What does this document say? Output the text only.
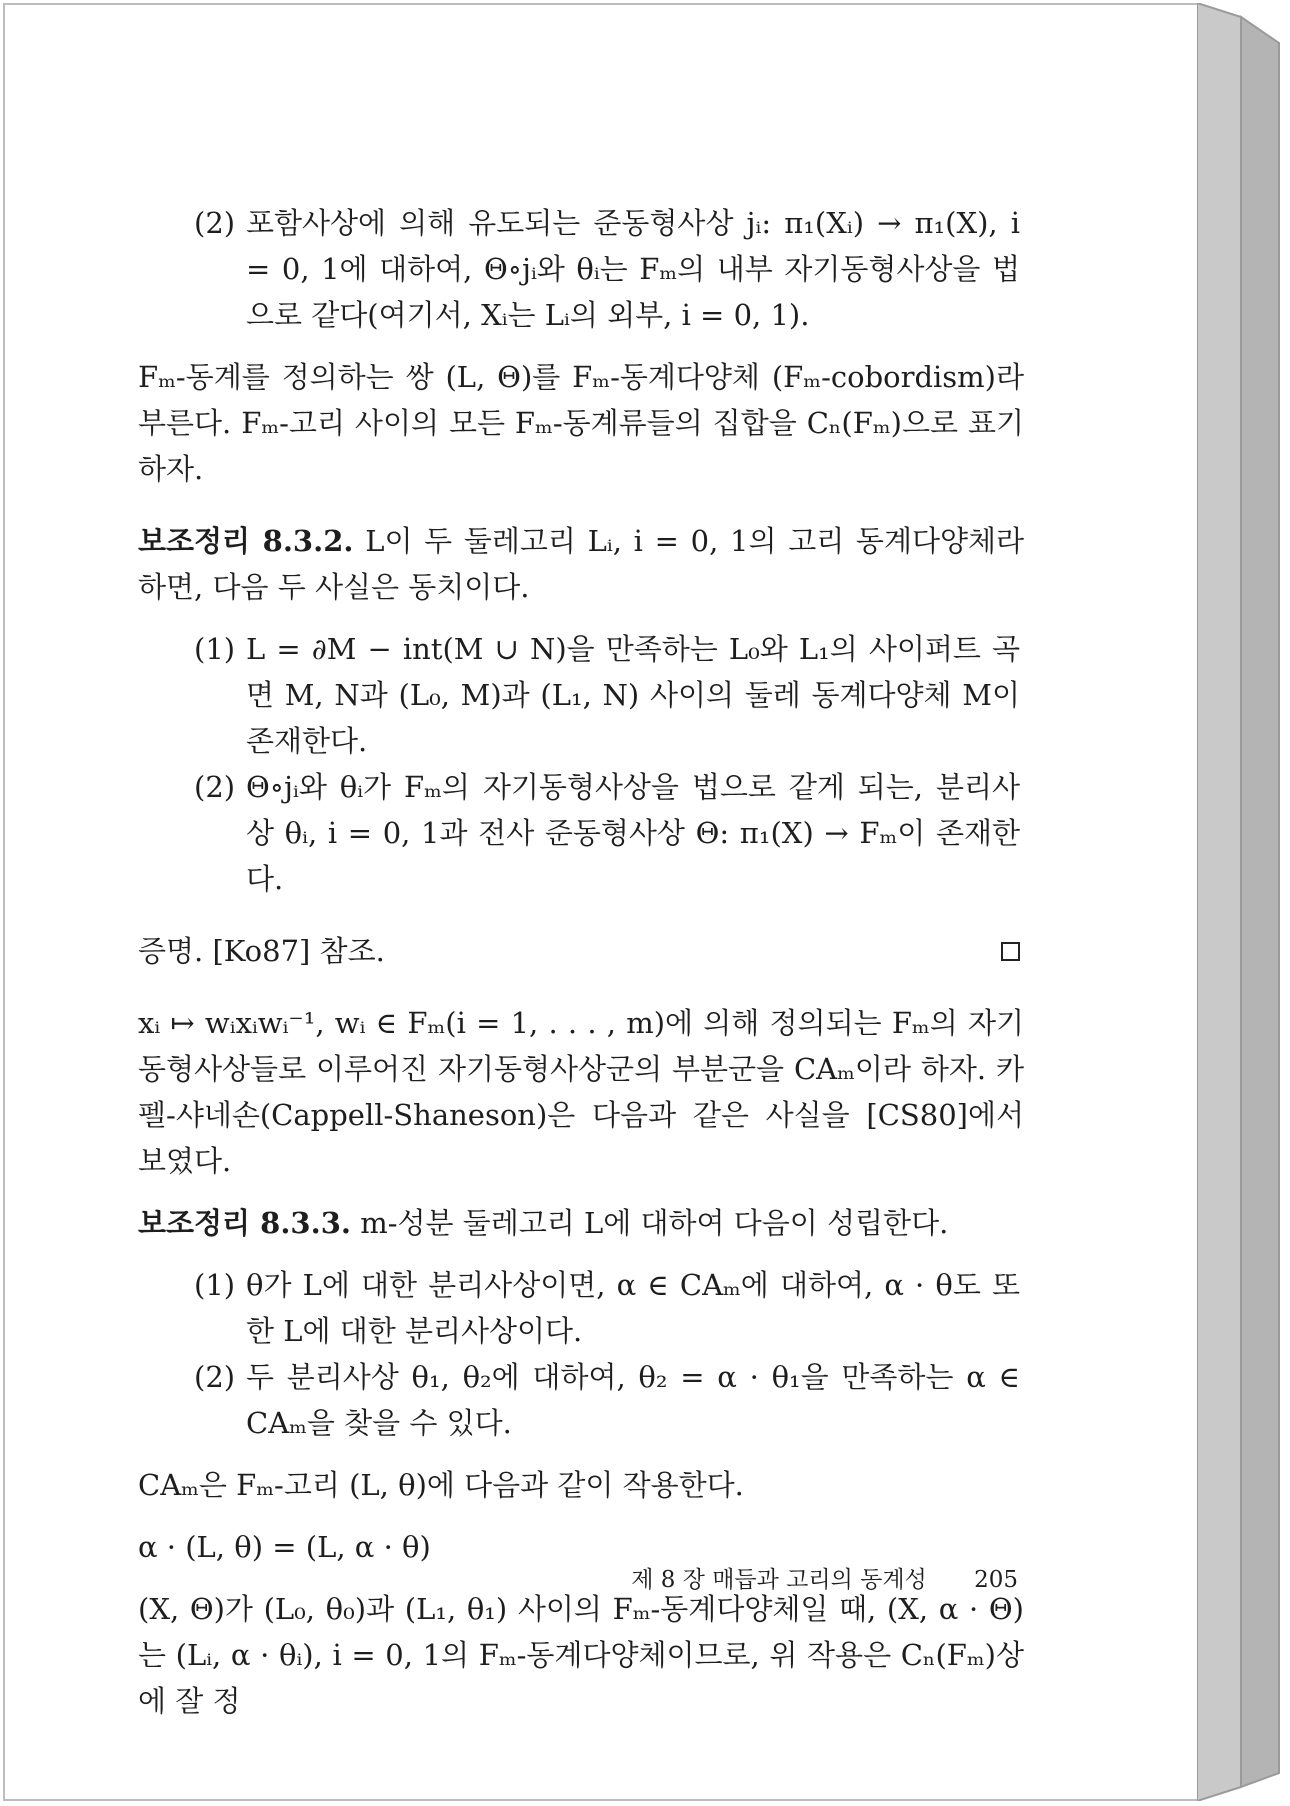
(2) 포함사상에 의해 유도되는 준동형사상 jᵢ: π₁(Xᵢ) → π₁(X), i = 0, 1에 대하여, Θ∘jᵢ와 θᵢ는 Fₘ의 내부 자기동형사상을 법으로 같다(여기서, Xᵢ는 Lᵢ의 외부, i = 0, 1).

Fₘ-동계를 정의하는 쌍 (L, Θ)를 Fₘ-동계다양체 (Fₘ-cobordism)라 부른다. Fₘ-고리 사이의 모든 Fₘ-동계류들의 집합을 Cₙ(Fₘ)으로 표기하자.

보조정리 8.3.2. L이 두 둘레고리 Lᵢ, i = 0, 1의 고리 동계다양체라 하면, 다음 두 사실은 동치이다.

(1) L = ∂M − int(M ∪ N)을 만족하는 L₀와 L₁의 사이퍼트 곡면 M, N과 (L₀, M)과 (L₁, N) 사이의 둘레 동계다양체 M이 존재한다.
(2) Θ∘jᵢ와 θᵢ가 Fₘ의 자기동형사상을 법으로 같게 되는, 분리사상 θᵢ, i = 0, 1과 전사 준동형사상 Θ: π₁(X) → Fₘ이 존재한다.
증명. [Ko87] 참조.

xᵢ ↦ wᵢxᵢwᵢ⁻¹, wᵢ ∈ Fₘ(i = 1, . . . , m)에 의해 정의되는 Fₘ의 자기동형사상들로 이루어진 자기동형사상군의 부분군을 CAₘ이라 하자. 카펠-샤네손(Cappell-Shaneson)은 다음과 같은 사실을 [CS80]에서 보였다.

보조정리 8.3.3. m-성분 둘레고리 L에 대하여 다음이 성립한다.

(1) θ가 L에 대한 분리사상이면, α ∈ CAₘ에 대하여, α · θ도 또한 L에 대한 분리사상이다.
(2) 두 분리사상 θ₁, θ₂에 대하여, θ₂ = α · θ₁을 만족하는 α ∈ CAₘ을 찾을 수 있다.

CAₘ은 Fₘ-고리 (L, θ)에 다음과 같이 작용한다.

α · (L, θ) = (L, α · θ)

(X, Θ)가 (L₀, θ₀)과 (L₁, θ₁) 사이의 Fₘ-동계다양체일 때, (X, α · Θ)는 (Lᵢ, α · θᵢ), i = 0, 1의 Fₘ-동계다양체이므로, 위 작용은 Cₙ(Fₘ)상에 잘 정

제 8 장 매듭과 고리의 동계성 205
